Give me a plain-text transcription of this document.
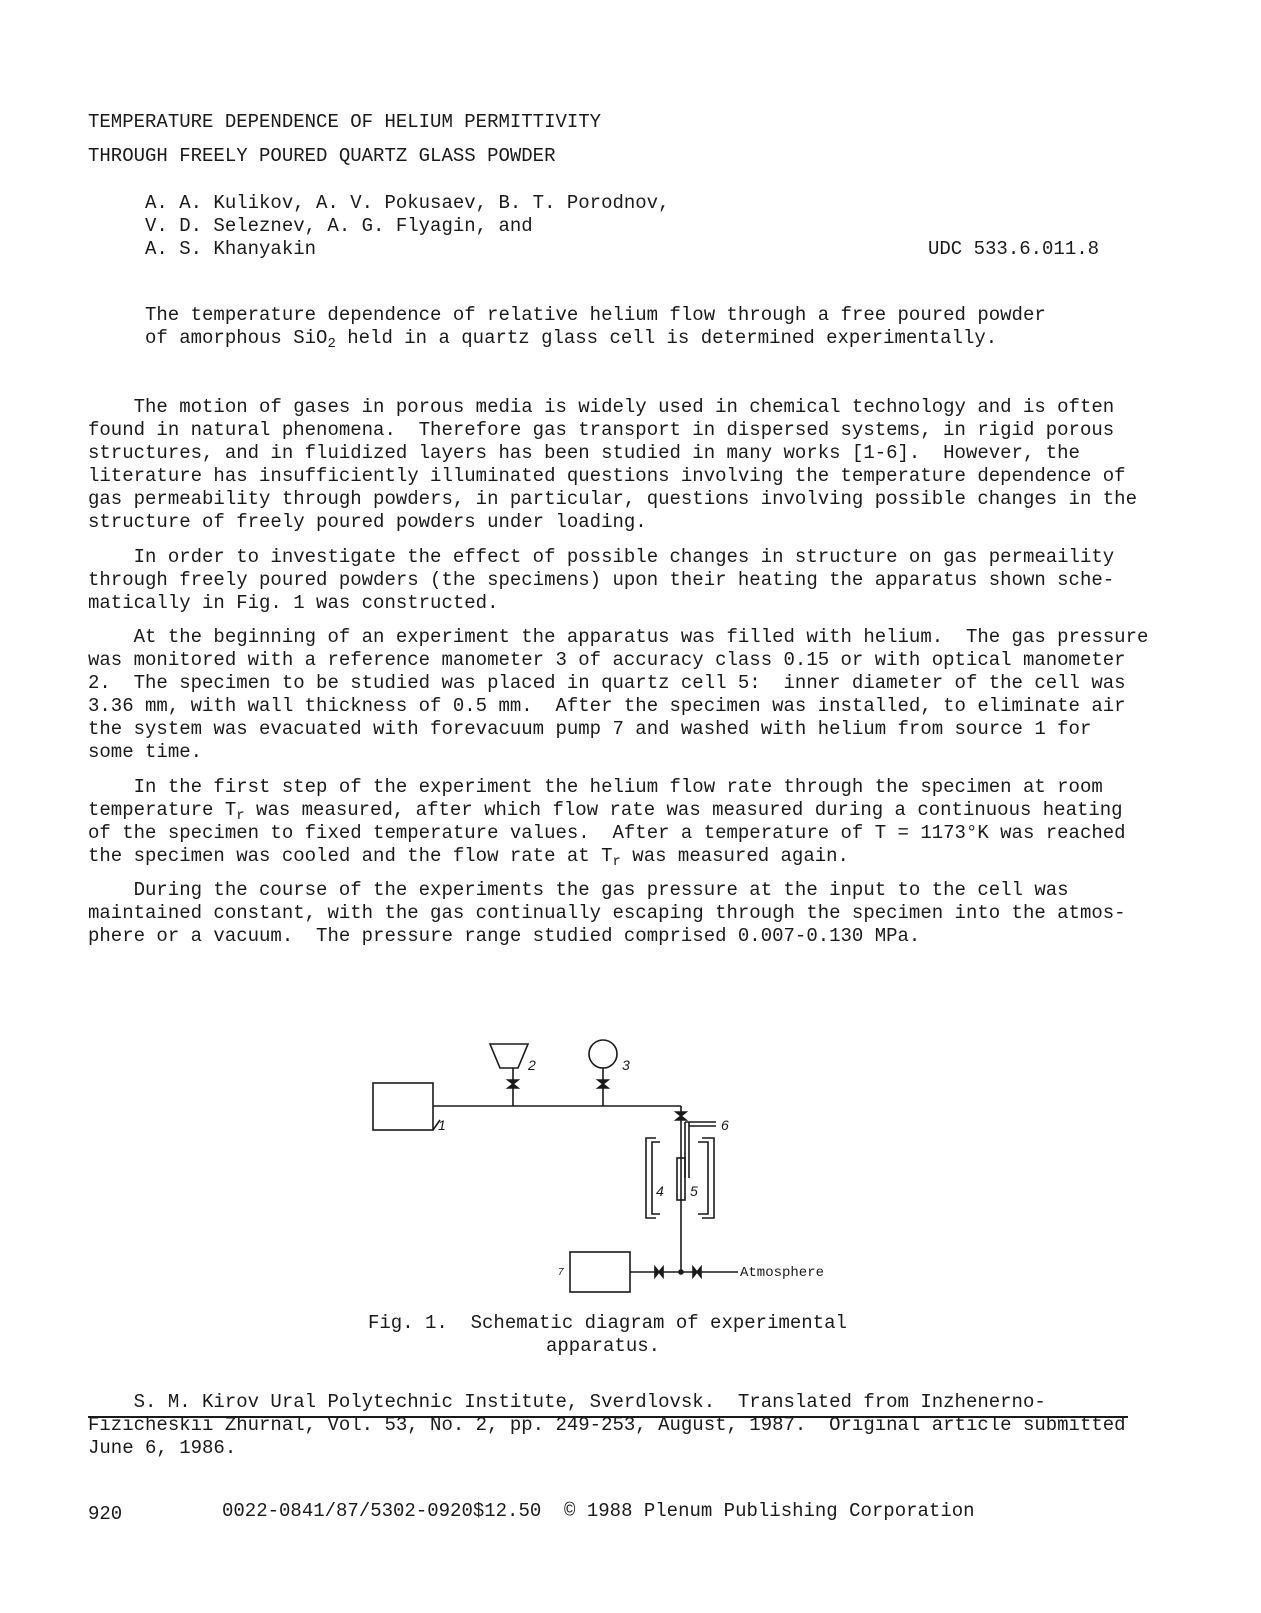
TEMPERATURE DEPENDENCE OF HELIUM PERMITTIVITY
THROUGH FREELY POURED QUARTZ GLASS POWDER
A. A. Kulikov, A. V. Pokusaev, B. T. Porodnov,
V. D. Seleznev, A. G. Flyagin, and
A. S. Khanyakin	UDC 533.6.011.8
The temperature dependence of relative helium flow through a free poured powder
of amorphous SiO$_2$ held in a quartz glass cell is determined experimentally.
The motion of gases in porous media is widely used in chemical technology and is often
found in natural phenomena.  Therefore gas transport in dispersed systems, in rigid porous
structures, and in fluidized layers has been studied in many works [1-6].  However, the
literature has insufficiently illuminated questions involving the temperature dependence of
gas permeability through powders, in particular, questions involving possible changes in the
structure of freely poured powders under loading.
In order to investigate the effect of possible changes in structure on gas permeaility
through freely poured powders (the specimens) upon their heating the apparatus shown sche-
matically in Fig. 1 was constructed.
At the beginning of an experiment the apparatus was filled with helium.  The gas pressure
was monitored with a reference manometer 3 of accuracy class 0.15 or with optical manometer
2.  The specimen to be studied was placed in quartz cell 5:  inner diameter of the cell was
3.36 mm, with wall thickness of 0.5 mm.  After the specimen was installed, to eliminate air
the system was evacuated with forevacuum pump 7 and washed with helium from source 1 for
some time.
In the first step of the experiment the helium flow rate through the specimen at room
temperature $T_r$ was measured, after which flow rate was measured during a continuous heating
of the specimen to fixed temperature values.  After a temperature of T = 1173°K was reached
the specimen was cooled and the flow rate at $T_r$ was measured again.
During the course of the experiments the gas pressure at the input to the cell was
maintained constant, with the gas continually escaping through the specimen into the atmos-
phere or a vacuum.  The pressure range studied comprised 0.007-0.130 MPa.
1
2	3
4 5
6
7	Atmosphere
Fig. 1.  Schematic diagram of experimental
apparatus.
S. M. Kirov Ural Polytechnic Institute, Sverdlovsk.  Translated from Inzhenerno-
Fizicheskii Zhurnal, Vol. 53, No. 2, pp. 249-253, August, 1987.  Original article submitted
June 6, 1986.
920	0022-0841/87/5302-0920$12.50  © 1988 Plenum Publishing Corporation
